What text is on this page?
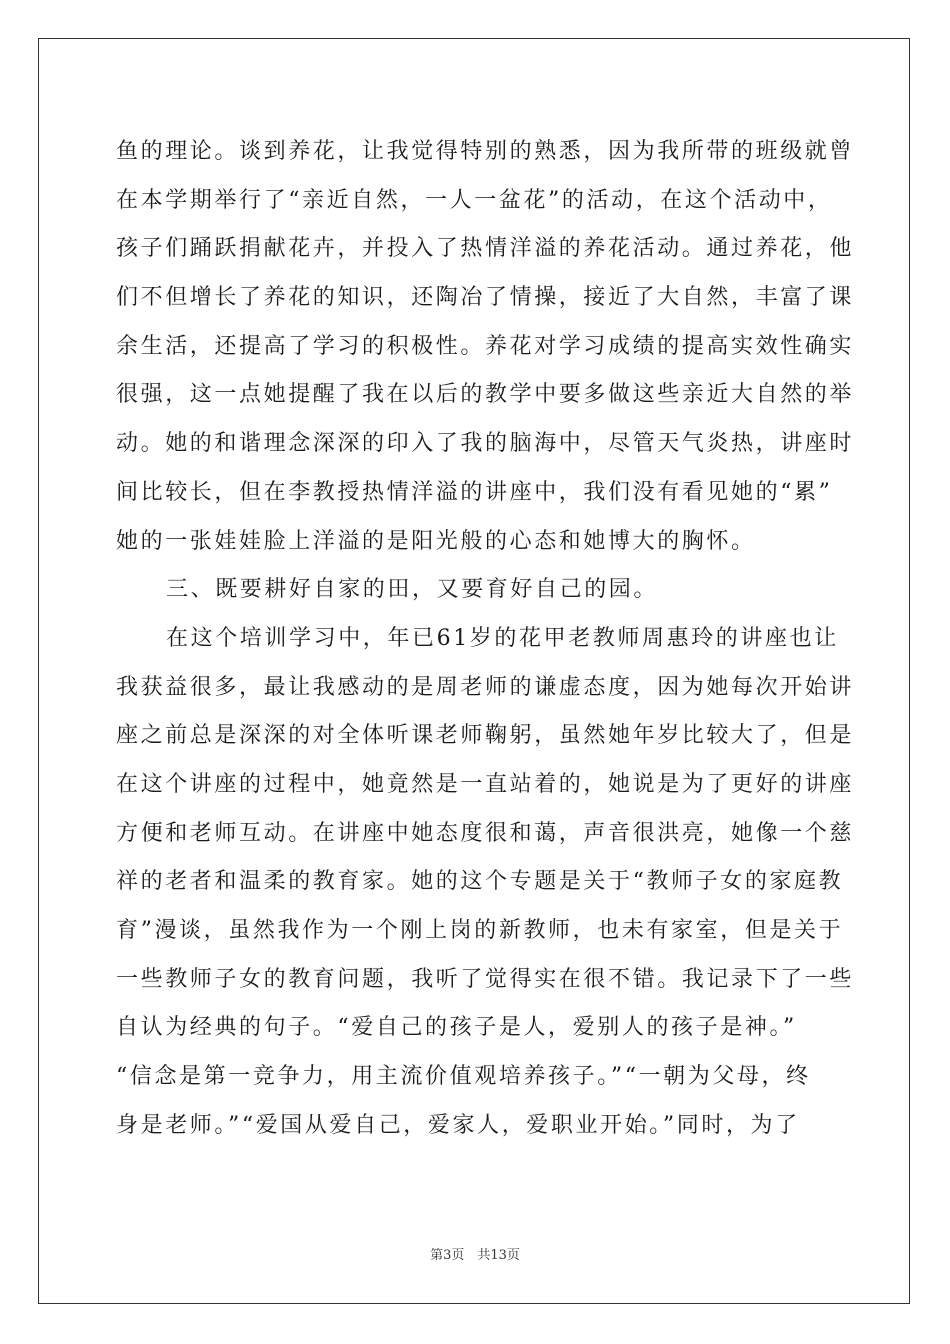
鱼的理论。谈到养花，让我觉得特别的熟悉，因为我所带的班级就曾
在本学期举行了“亲近自然，一人一盆花”的活动，在这个活动中，
孩子们踊跃捐献花卉，并投入了热情洋溢的养花活动。通过养花，他
们不但增长了养花的知识，还陶冶了情操，接近了大自然，丰富了课
余生活，还提高了学习的积极性。养花对学习成绩的提高实效性确实
很强，这一点她提醒了我在以后的教学中要多做这些亲近大自然的举
动。她的和谐理念深深的印入了我的脑海中，尽管天气炎热，讲座时
间比较长，但在李教授热情洋溢的讲座中，我们没有看见她的“累”
她的一张娃娃脸上洋溢的是阳光般的心态和她博大的胸怀。
三、既要耕好自家的田，又要育好自己的园。
在这个培训学习中，年已61岁的花甲老教师周惠玲的讲座也让
我获益很多，最让我感动的是周老师的谦虚态度，因为她每次开始讲
座之前总是深深的对全体听课老师鞠躬，虽然她年岁比较大了，但是
在这个讲座的过程中，她竟然是一直站着的，她说是为了更好的讲座
方便和老师互动。在讲座中她态度很和蔼，声音很洪亮，她像一个慈
祥的老者和温柔的教育家。她的这个专题是关于“教师子女的家庭教
育”漫谈，虽然我作为一个刚上岗的新教师，也未有家室，但是关于
一些教师子女的教育问题，我听了觉得实在很不错。我记录下了一些
自认为经典的句子。“爱自己的孩子是人，爱别人的孩子是神。”
“信念是第一竞争力，用主流价值观培养孩子。”“一朝为父母，终
身是老师。”“爱国从爱自己，爱家人，爱职业开始。”同时，为了
第3页　共13页
